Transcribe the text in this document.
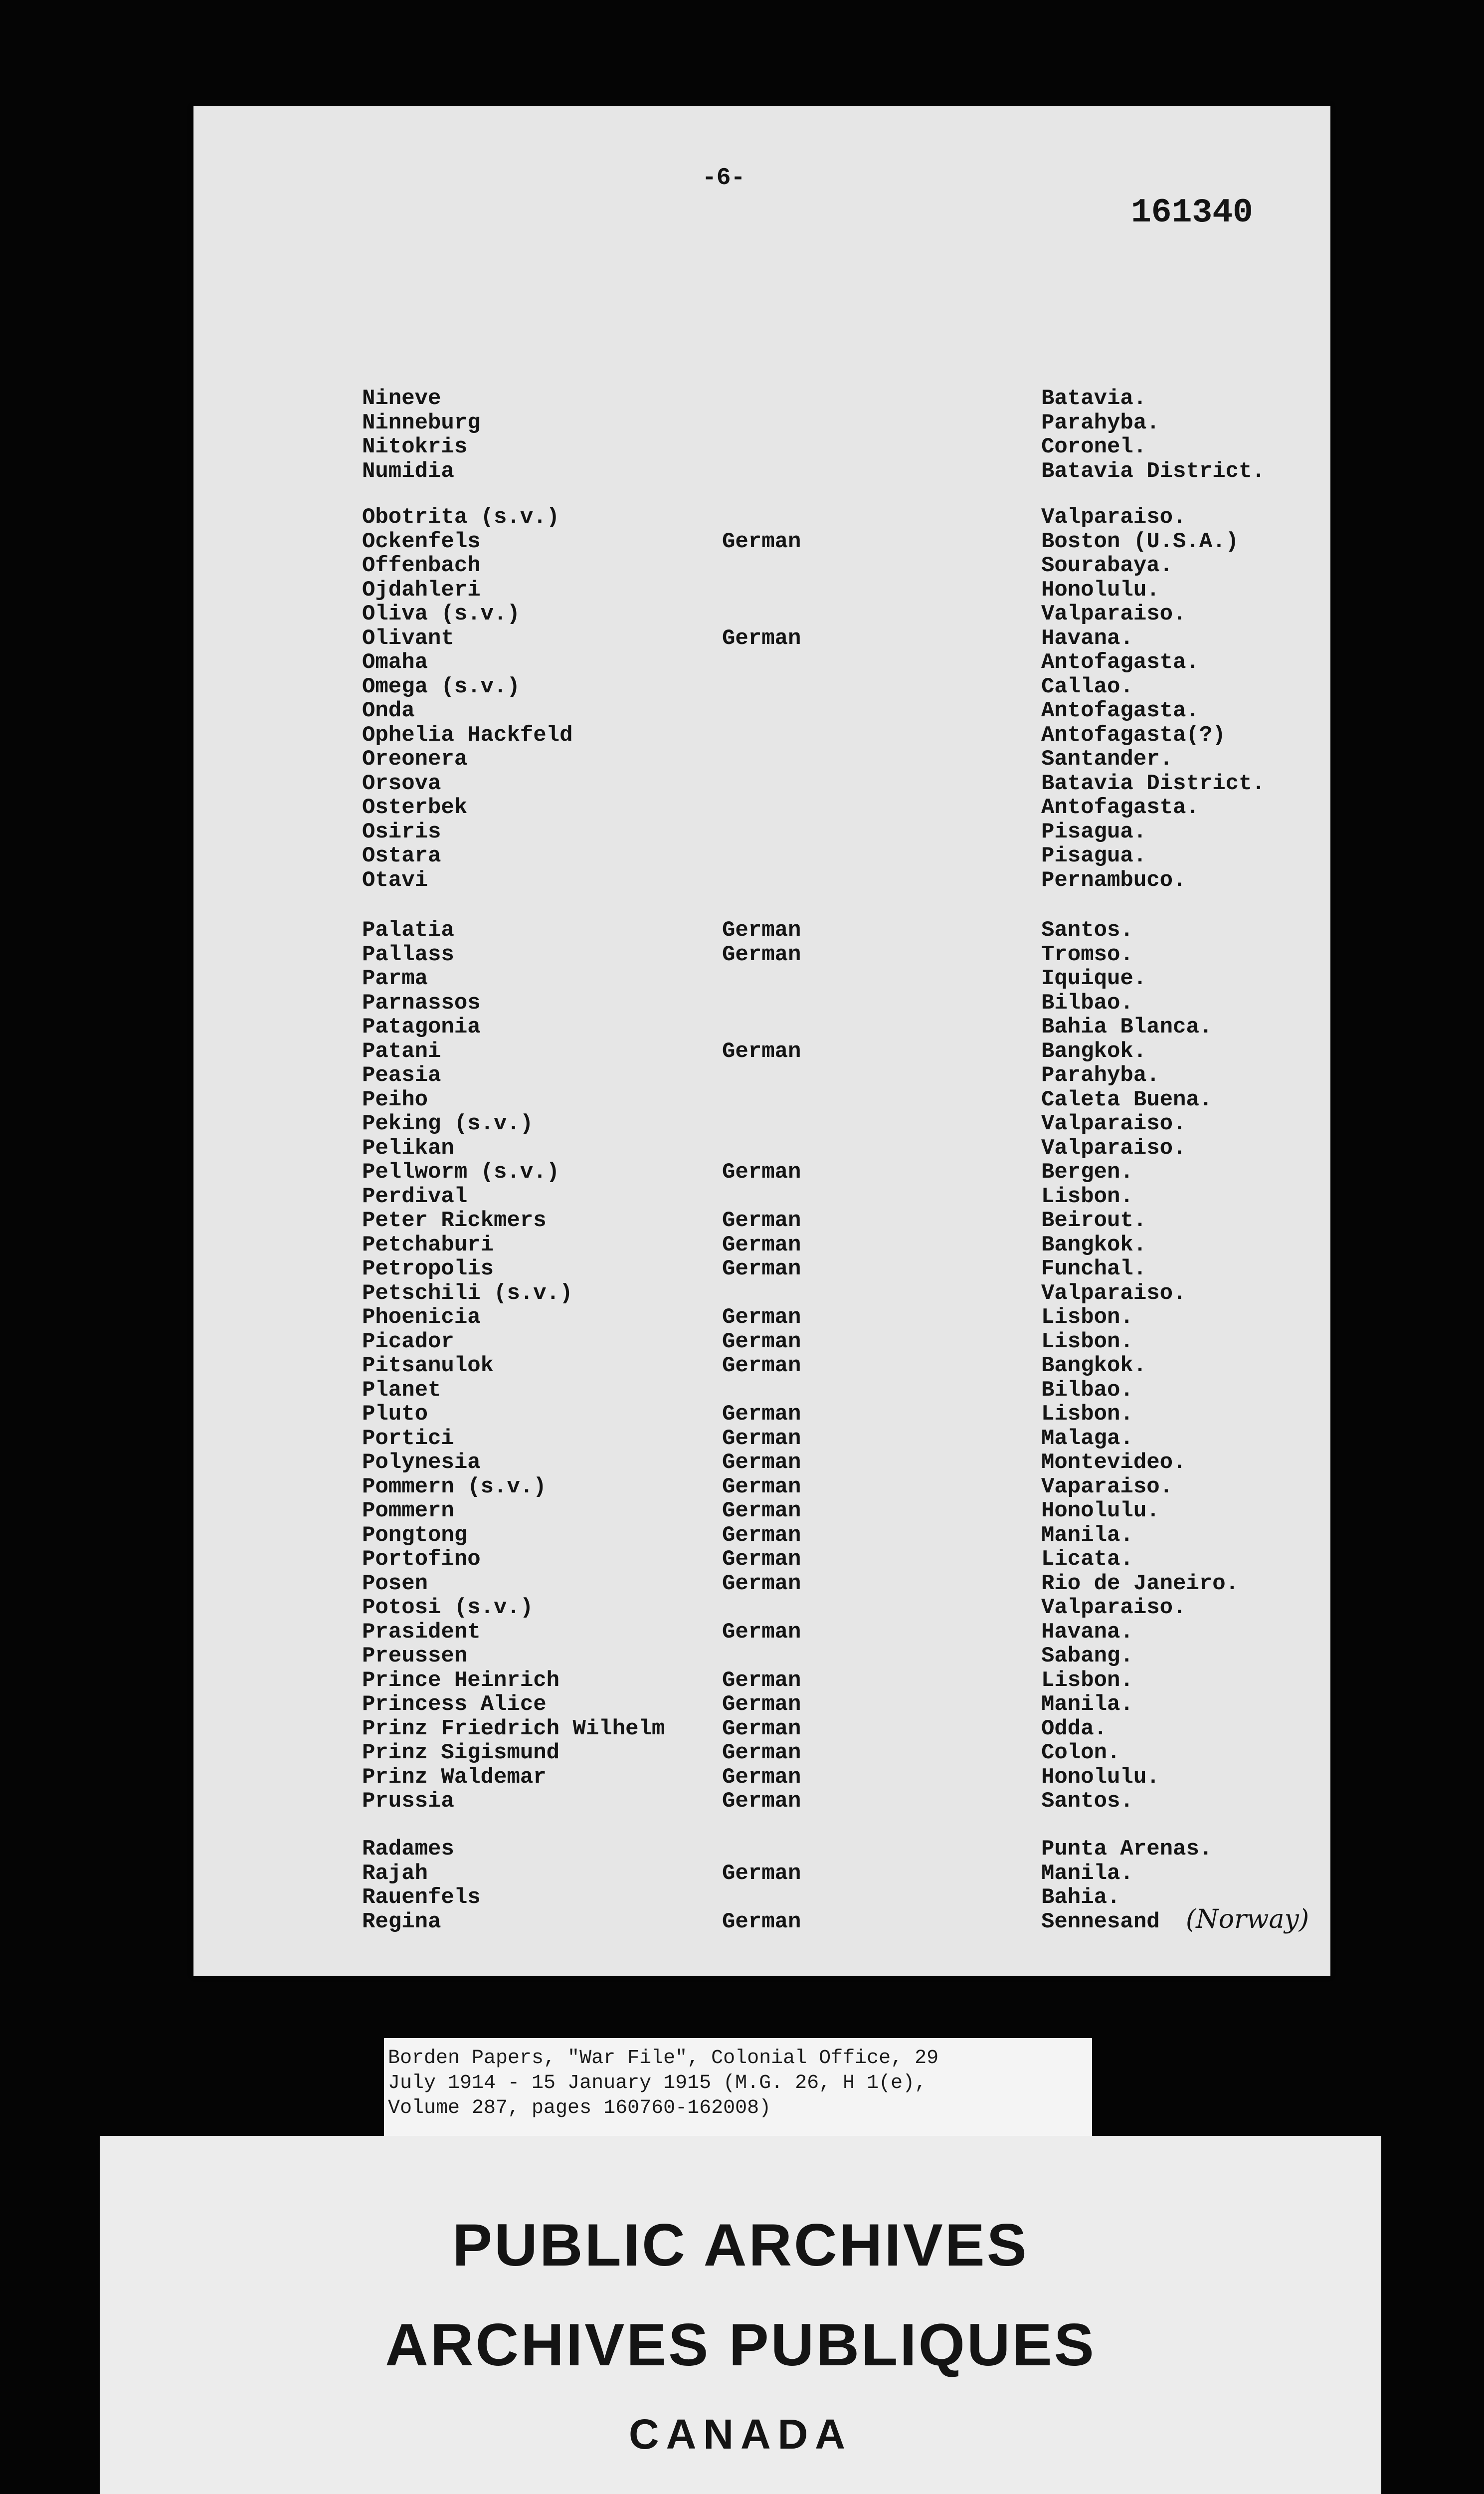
-6-
161340
Nineve	Batavia.
Ninneburg	Parahyba.
Nitokris	Coronel.
Numidia	Batavia District.
Obotrita (s.v.)	Valparaiso.
Ockenfels	German	Boston (U.S.A.)
Offenbach	Sourabaya.
Ojdahleri	Honolulu.
Oliva (s.v.)	Valparaiso.
Olivant	German	Havana.
Omaha	Antofagasta.
Omega (s.v.)	Callao.
Onda	Antofagasta.
Ophelia Hackfeld	Antofagasta(?)
Oreonera	Santander.
Orsova	Batavia District.
Osterbek	Antofagasta.
Osiris	Pisagua.
Ostara	Pisagua.
Otavi	Pernambuco.
Palatia	German	Santos.
Pallass	German	Tromso.
Parma	Iquique.
Parnassos	Bilbao.
Patagonia	Bahia Blanca.
Patani	German	Bangkok.
Peasia	Parahyba.
Peiho	Caleta Buena.
Peking (s.v.)	Valparaiso.
Pelikan	Valparaiso.
Pellworm (s.v.)	German	Bergen.
Perdival	Lisbon.
Peter Rickmers	German	Beirout.
Petchaburi	German	Bangkok.
Petropolis	German	Funchal.
Petschili (s.v.)	Valparaiso.
Phoenicia	German	Lisbon.
Picador	German	Lisbon.
Pitsanulok	German	Bangkok.
Planet	Bilbao.
Pluto	German	Lisbon.
Portici	German	Malaga.
Polynesia	German	Montevideo.
Pommern (s.v.)	German	Vaparaiso.
Pommern	German	Honolulu.
Pongtong	German	Manila.
Portofino	German	Licata.
Posen	German	Rio de Janeiro.
Potosi (s.v.)	Valparaiso.
Prasident	German	Havana.
Preussen	Sabang.
Prince Heinrich	German	Lisbon.
Princess Alice	German	Manila.
Prinz Friedrich Wilhelm	German	Odda.
Prinz Sigismund	German	Colon.
Prinz Waldemar	German	Honolulu.
Prussia	German	Santos.
Radames	Punta Arenas.
Rajah	German	Manila.
Rauenfels	Bahia.
Regina	German	Sennesand (Norway)
Borden Papers, "War File", Colonial Office, 29
July 1914 - 15 January 1915 (M.G. 26, H 1(e),
Volume 287, pages 160760-162008)
PUBLIC ARCHIVES
ARCHIVES PUBLIQUES
CANADA
